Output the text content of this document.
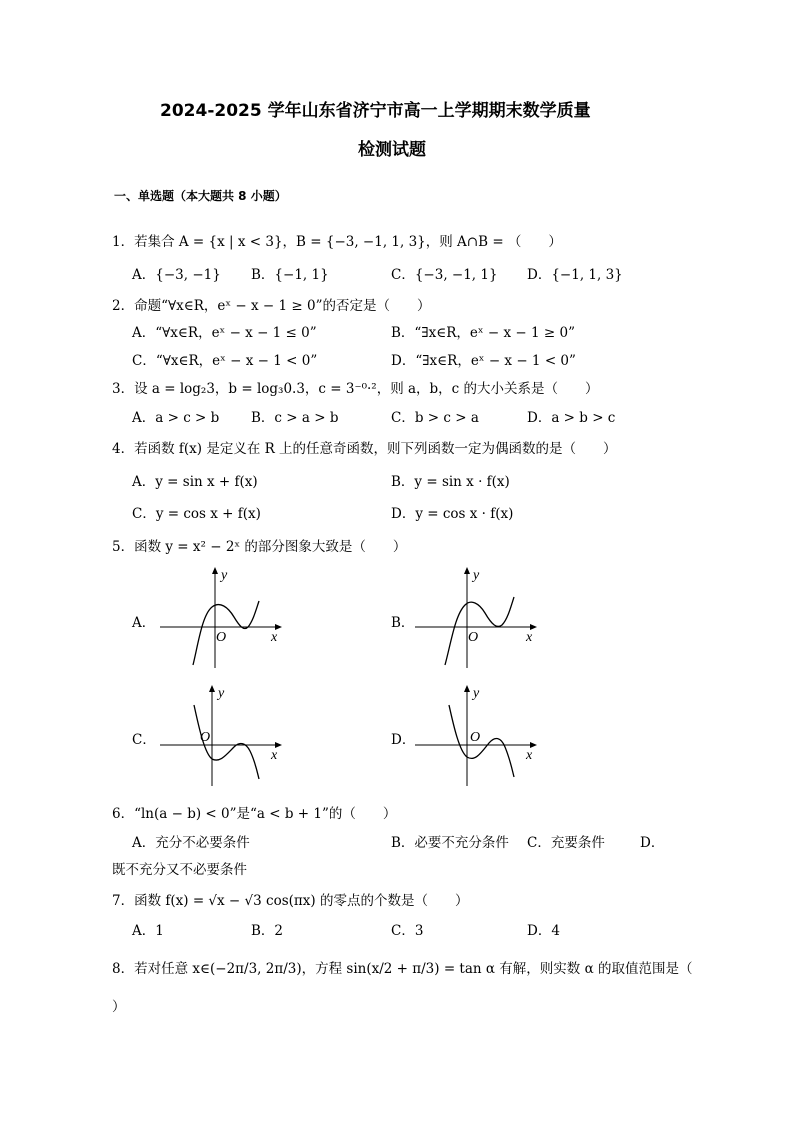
2024-2025 学年山东省济宁市高一上学期期末数学质量
检测试题
一、单选题（本大题共 8 小题）
1．若集合 A = {x | x < 3}，B = {−3, −1, 1, 3}，则 A∩B = （　　）
A．{−3, −1} B．{−1, 1}	C．{−3, −1, 1} D．{−1, 1, 3}
2．命题“∀x∈R，eˣ − x − 1 ≥ 0”的否定是（　　）
A．“∀x∈R，eˣ − x − 1 ≤ 0”	B．“∃x∈R，eˣ − x − 1 ≥ 0”
C．“∀x∈R，eˣ − x − 1 < 0”	D．“∃x∈R，eˣ − x − 1 < 0”
3．设 a = log₂3，b = log₃0.3，c = 3⁻⁰·²，则 a，b，c 的大小关系是（　　）
A．a > c > b B．c > a > b	C．b > c > a	D．a > b > c
4．若函数 f(x) 是定义在 R 上的任意奇函数，则下列函数一定为偶函数的是（　　）
A．y = sin x + f(x)	B．y = sin x · f(x)
C．y = cos x + f(x)	D．y = cos x · f(x)
5．函数 y = x² − 2ˣ 的部分图象大致是（　　）
A．	B．
C．	D．
y
x
O
y
x
O
y
x
O
y
x
O
6．“ln(a − b) < 0”是“a < b + 1”的（　　）
A．充分不必要条件	B．必要不充分条件 C．充要条件	D．
既不充分又不必要条件
7．函数 f(x) = √x − √3 cos(πx) 的零点的个数是（　　）
A．1	B．2	C．3	D．4
8．若对任意 x∈(−2π/3, 2π/3)，方程 sin(x/2 + π/3) = tan α 有解，则实数 α 的取值范围是（
）
